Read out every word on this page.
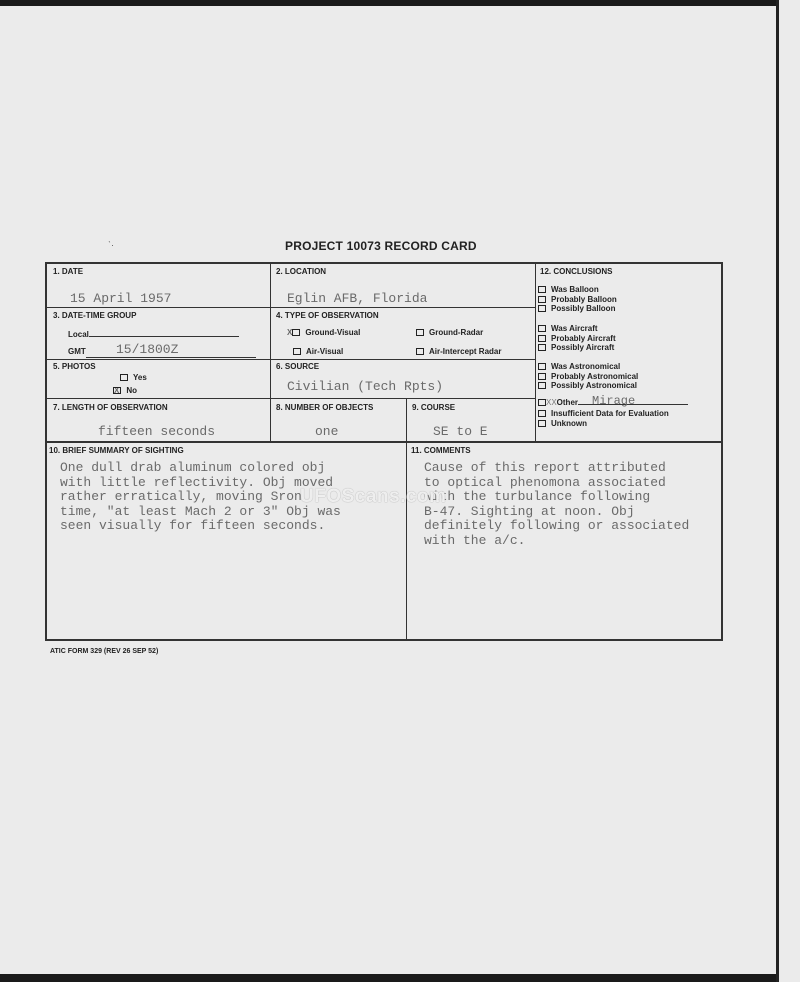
ˋ·	PROJECT 10073 RECORD CARD
1. DATE
15 April 1957
2. LOCATION
Eglin AFB, Florida
3. DATE-TIME GROUP
Local
GMT 15/1800Z
4. TYPE OF OBSERVATION
X Ground-Visual	Ground-Radar
Air-Visual	Air-Intercept Radar
5. PHOTOS
Yes
X No
6. SOURCE
Civilian (Tech Rpts)
7. LENGTH OF OBSERVATION
fifteen seconds
8. NUMBER OF OBJECTS
one
9. COURSE
SE to E
12. CONCLUSIONS
Was Balloon
Probably Balloon
Possibly Balloon
Was Aircraft
Probably Aircraft
Possibly Aircraft
Was Astronomical
Probably Astronomical
Possibly Astronomical
XXOther	Mirage
Insufficient Data for Evaluation
Unknown
10. BRIEF SUMMARY OF SIGHTING
One dull drab aluminum colored obj
with little reflectivity. Obj moved
rather erratically, moving Sron
time, "at least Mach 2 or 3" Obj was
seen visually for fifteen seconds.
11. COMMENTS
Cause of this report attributed
to optical phenomona associated
with the turbulance following
B-47. Sighting at noon. Obj
definitely following or associated
with the a/c.
UFOScans.com
ATIC FORM 329 (REV 26 SEP 52)
